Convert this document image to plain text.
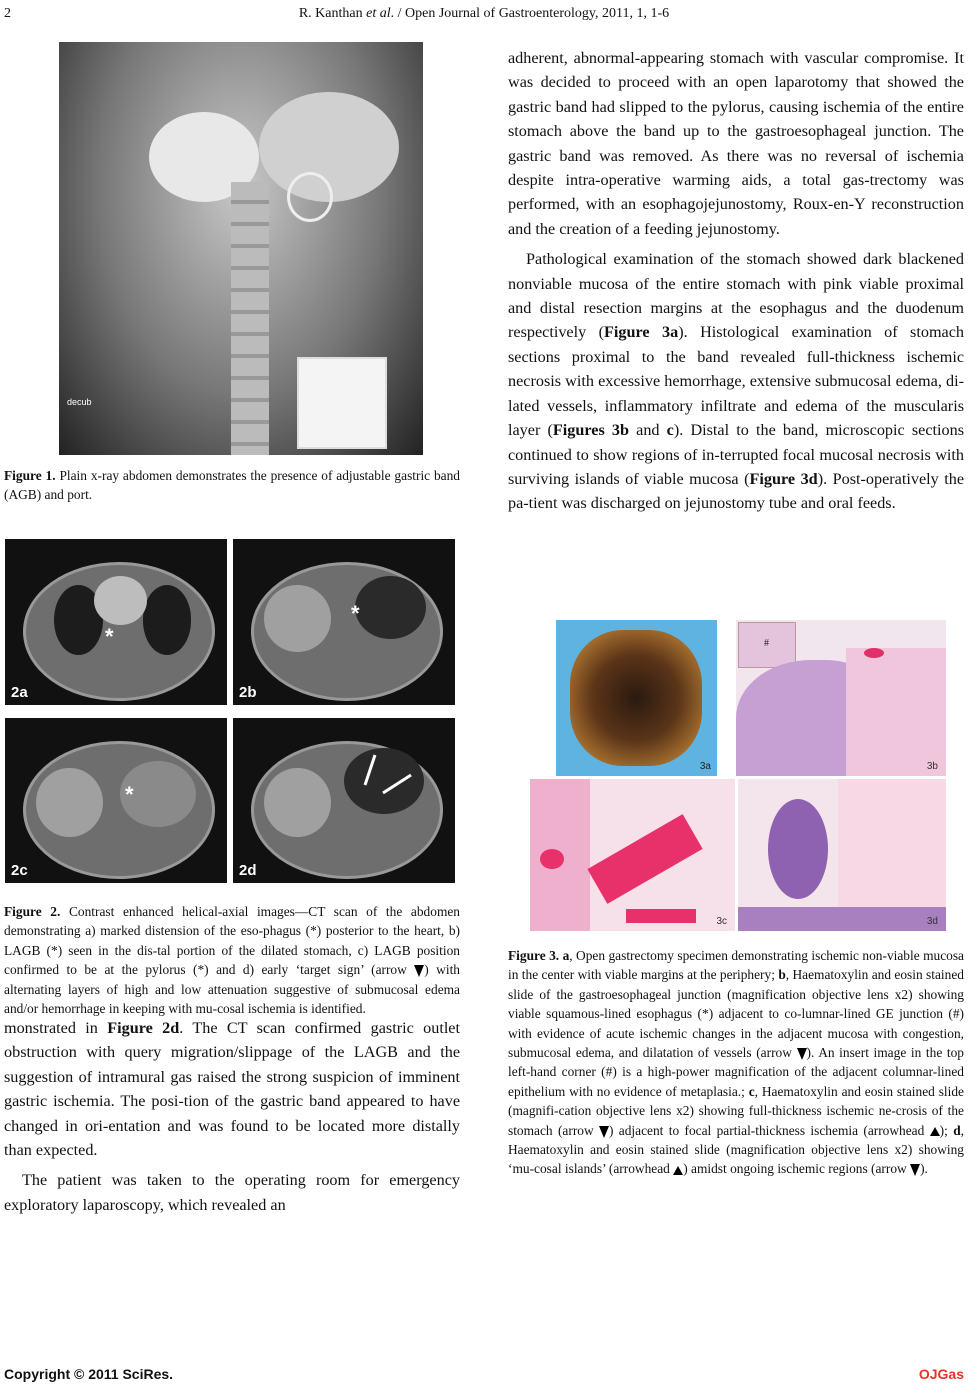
2	R. Kanthan et al. / Open Journal of Gastroenterology, 2011, 1, 1-6
decub
Figure 1. Plain x-ray abdomen demonstrates the presence of adjustable gastric band (AGB) and port.
*
2a
*
2b
*
2c	2d
Figure 2. Contrast enhanced helical-axial images—CT scan of the abdomen demonstrating a) marked distension of the eso-phagus (*) posterior to the heart, b) LAGB (*) seen in the dis-tal portion of the dilated stomach, c) LAGB position confirmed to be at the pylorus (*) and d) early ‘target sign’ (arrow ) with alternating layers of high and low attenuation suggestive of submucosal edema and/or hemorrhage in keeping with mu-cosal ischemia is identified.

monstrated in Figure 2d. The CT scan confirmed gastric outlet obstruction with query migration/slippage of the LAGB and the suggestion of intramural gas raised the strong suspicion of imminent gastric ischemia. The posi-tion of the gastric band appeared to have changed in ori-entation and was found to be located more distally than expected.

The patient was taken to the operating room for emergency exploratory laparoscopy, which revealed an

adherent, abnormal-appearing stomach with vascular compromise. It was decided to proceed with an open laparotomy that showed the gastric band had slipped to the pylorus, causing ischemia of the entire stomach above the band up to the gastroesophageal junction. The gastric band was removed. As there was no reversal of ischemia despite intra-operative warming aids, a total gas-trectomy was performed, with an esophagojejunostomy, Roux-en-Y reconstruction and the creation of a feeding jejunostomy.

Pathological examination of the stomach showed dark blackened nonviable mucosa of the entire stomach with pink viable proximal and distal resection margins at the esophagus and the duodenum respectively (Figure 3a). Histological examination of stomach sections proximal to the band revealed full-thickness ischemic necrosis with excessive hemorrhage, extensive submucosal edema, di-lated vessels, inflammatory infiltrate and edema of the muscularis layer (Figures 3b and c). Distal to the band, microscopic sections continued to show regions of in-terrupted focal mucosal necrosis with surviving islands of viable mucosa (Figure 3d). Post-operatively the pa-tient was discharged on jejunostomy tube and oral feeds.

3a
#
3b
3c	3d
Figure 3. a, Open gastrectomy specimen demonstrating ischemic non-viable mucosa in the center with viable margins at the periphery; b, Haematoxylin and eosin stained slide of the gastroesophageal junction (magnification objective lens x2) showing viable squamous-lined esophagus (*) adjacent to co-lumnar-lined GE junction (#) with evidence of acute ischemic changes in the adjacent mucosa with congestion, submucosal edema, and dilatation of vessels (arrow ). An insert image in the top left-hand corner (#) is a high-power magnification of the adjacent columnar-lined epithelium with no evidence of metaplasia.; c, Haematoxylin and eosin stained slide (magnifi-cation objective lens x2) showing full-thickness ischemic ne-crosis of the stomach (arrow ) adjacent to focal partial-thickness ischemia (arrowhead ); d, Haematoxylin and eosin stained slide (magnification objective lens x2) showing ‘mu-cosal islands’ (arrowhead ) amidst ongoing ischemic regions (arrow ).
Copyright © 2011 SciRes.	OJGas
